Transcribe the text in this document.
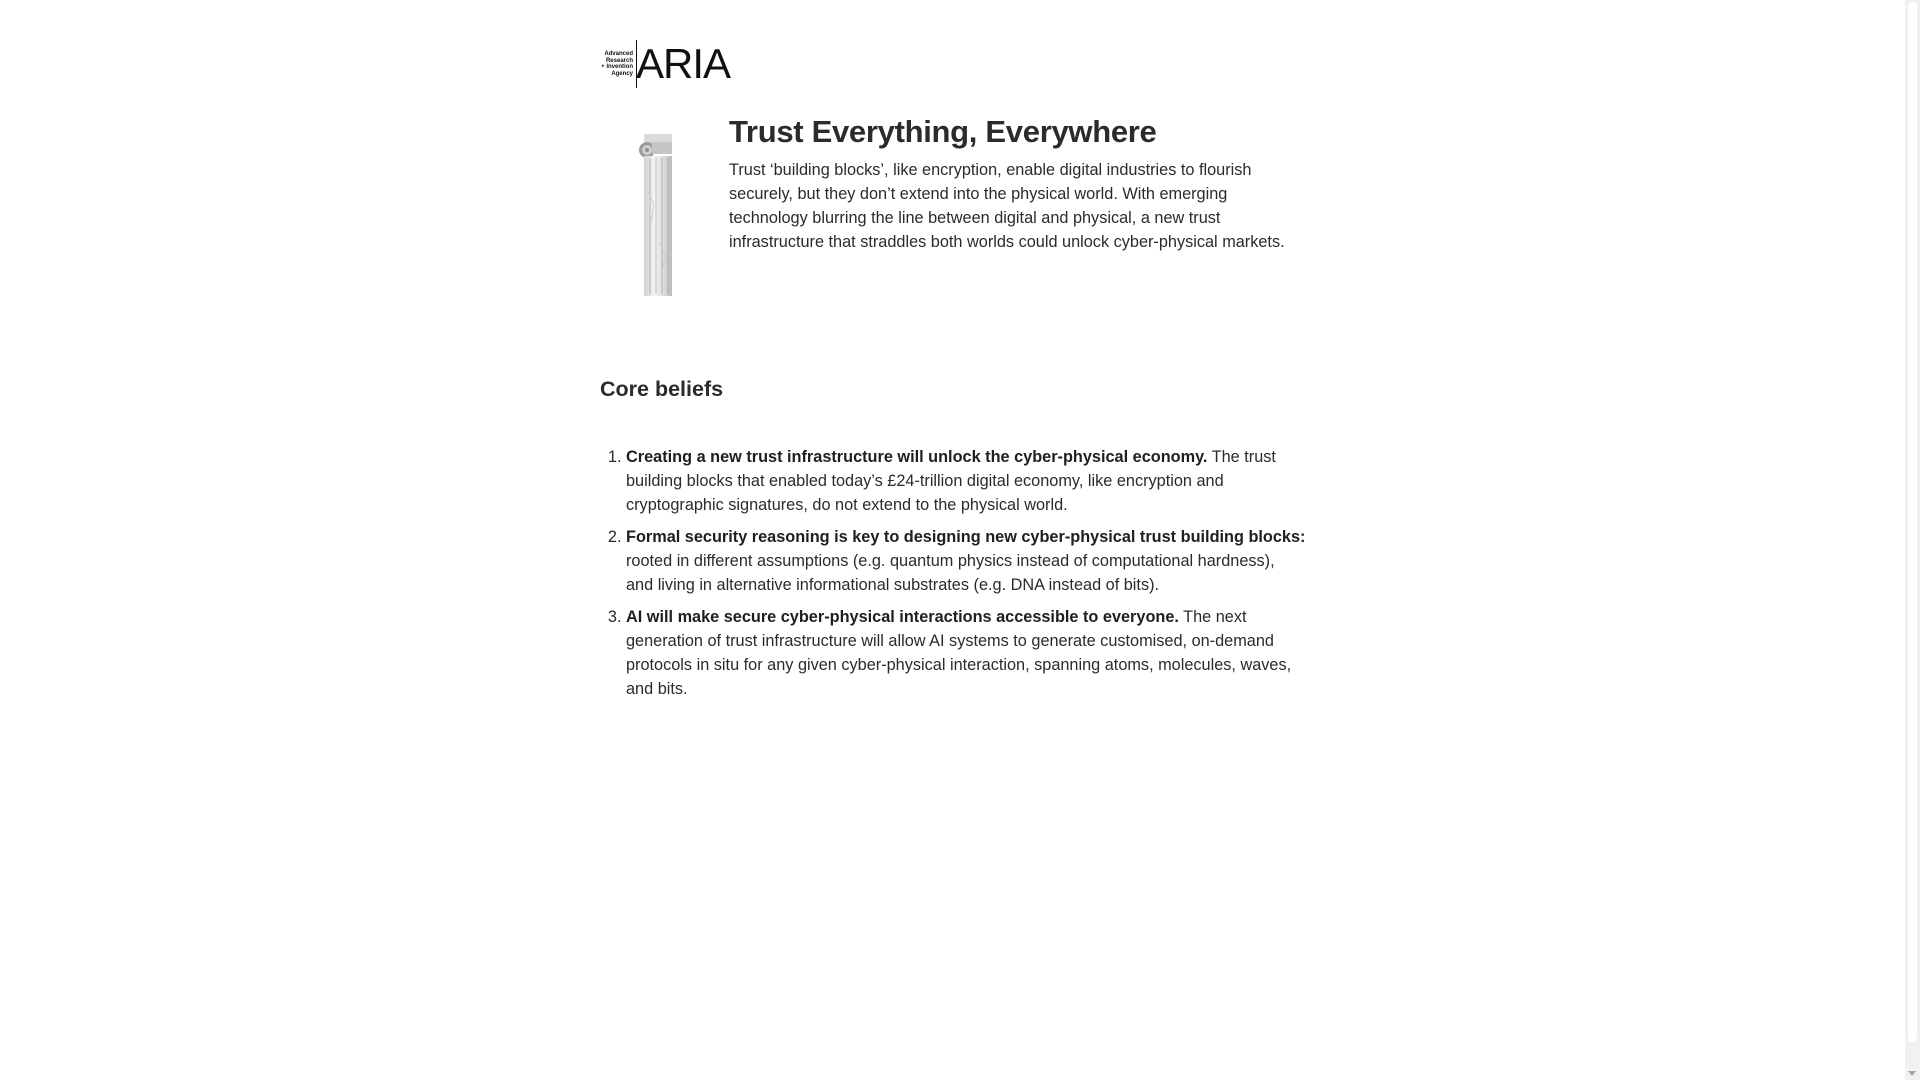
Advanced
Research
+ Invention
Agency ARIA
Trust Everything, Everywhere

Trust ‘building blocks’, like encryption, enable digital industries to flourish securely, but they don’t extend into the physical world. With emerging technology blurring the line between digital and physical, a new trust infrastructure that straddles both worlds could unlock cyber-physical markets.

Core beliefs
1. Creating a new trust infrastructure will unlock the cyber-physical economy. The trust building blocks that enabled today’s £24-trillion digital economy, like encryption and cryptographic signatures, do not extend to the physical world.
2. Formal security reasoning is key to designing new cyber-physical trust building blocks: rooted in different assumptions (e.g. quantum physics instead of computational hardness), and living in alternative informational substrates (e.g. DNA instead of bits).
3. AI will make secure cyber-physical interactions accessible to everyone. The next generation of trust infrastructure will allow AI systems to generate customised, on-demand protocols in situ for any given cyber-physical interaction, spanning atoms, molecules, waves, and bits.
